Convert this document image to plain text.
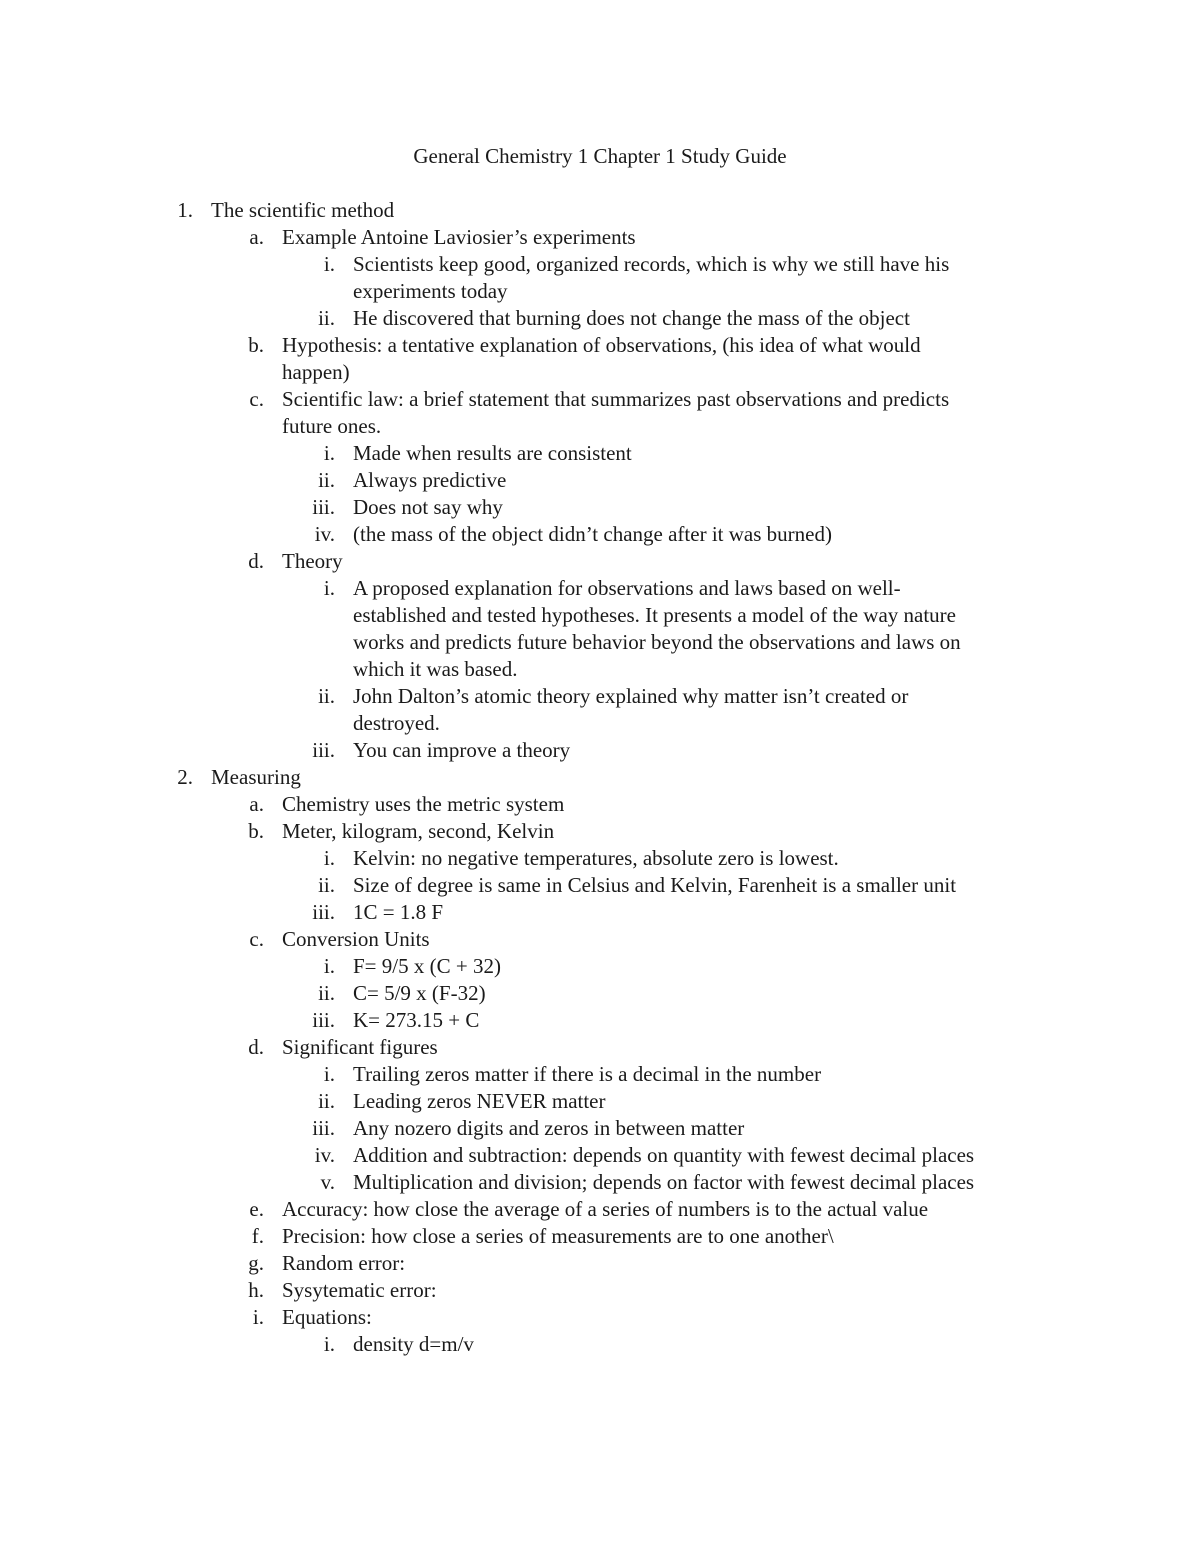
General Chemistry 1 Chapter 1 Study Guide
1. The scientific method
a. Example Antoine Laviosier’s experiments
i. Scientists keep good, organized records, which is why we still have his
experiments today
ii. He discovered that burning does not change the mass of the object
b. Hypothesis: a tentative explanation of observations, (his idea of what would
happen)
c. Scientific law: a brief statement that summarizes past observations and predicts
future ones.
i. Made when results are consistent
ii. Always predictive
iii. Does not say why
iv. (the mass of the object didn’t change after it was burned)
d. Theory
i. A proposed explanation for observations and laws based on well-
established and tested hypotheses. It presents a model of the way nature
works and predicts future behavior beyond the observations and laws on
which it was based.
ii. John Dalton’s atomic theory explained why matter isn’t created or
destroyed.
iii. You can improve a theory
2. Measuring
a. Chemistry uses the metric system
b. Meter, kilogram, second, Kelvin
i. Kelvin: no negative temperatures, absolute zero is lowest.
ii. Size of degree is same in Celsius and Kelvin, Farenheit is a smaller unit
iii. 1C = 1.8 F
c. Conversion Units
i. F= 9/5 x (C + 32)
ii. C= 5/9 x (F-32)
iii. K= 273.15 + C
d. Significant figures
i. Trailing zeros matter if there is a decimal in the number
ii. Leading zeros NEVER matter
iii. Any nozero digits and zeros in between matter
iv. Addition and subtraction: depends on quantity with fewest decimal places
v. Multiplication and division; depends on factor with fewest decimal places
e. Accuracy: how close the average of a series of numbers is to the actual value
f. Precision: how close a series of measurements are to one another\
g. Random error:
h. Sysytematic error:
i. Equations:
i. density d=m/v
